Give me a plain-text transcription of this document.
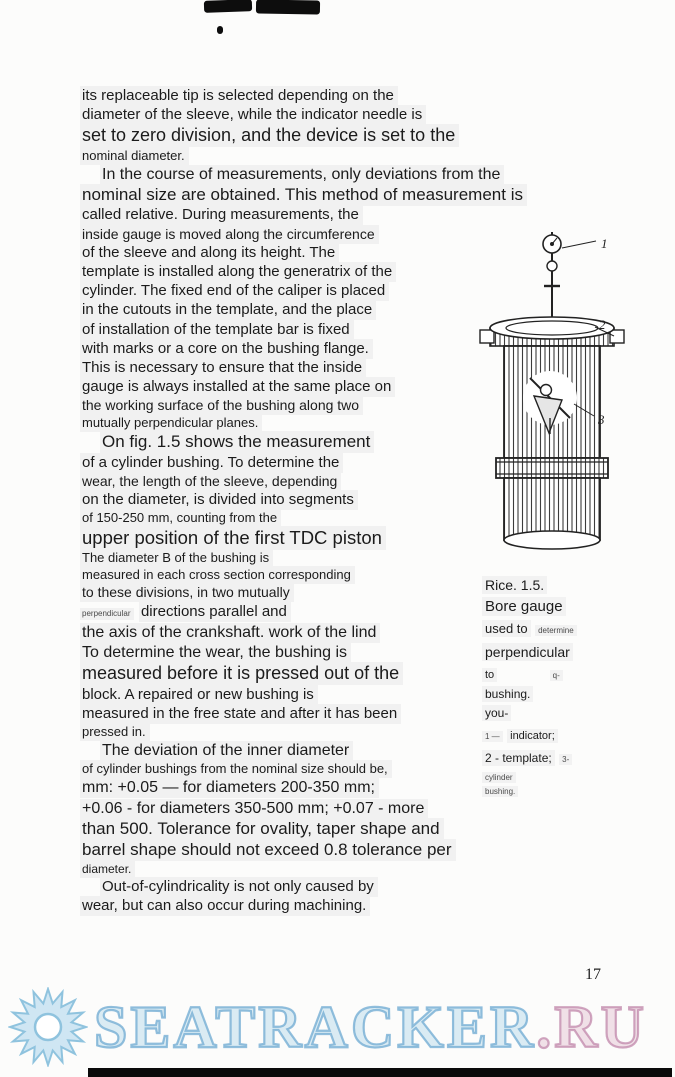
its replaceable tip is selected depending on the
diameter of the sleeve, while the indicator needle is
set to zero division, and the device is set to the
nominal diameter.
In the course of measurements, only deviations from the
nominal size are obtained. This method of measurement is
called relative. During measurements, the
inside gauge is moved along the circumference
of the sleeve and along its height. The
template is installed along the generatrix of the
cylinder. The fixed end of the caliper is placed
in the cutouts in the template, and the place
of installation of the template bar is fixed
with marks or a core on the bushing flange.
This is necessary to ensure that the inside
gauge is always installed at the same place on
the working surface of the bushing along two
mutually perpendicular planes.
On fig. 1.5 shows the measurement
of a cylinder bushing. To determine the
wear, the length of the sleeve, depending
on the diameter, is divided into segments
of 150-250 mm, counting from the
upper position of the first TDC piston
The diameter B of the bushing is
measured in each cross section corresponding
to these divisions, in two mutually
perpendicular directions parallel and
the axis of the crankshaft. work of the lind
To determine the wear, the bushing is
measured before it is pressed out of the
block. A repaired or new bushing is
measured in the free state and after it has been
pressed in.
The deviation of the inner diameter
of cylinder bushings from the nominal size should be,
mm: +0.05 — for diameters 200-350 mm;
+0.06 - for diameters 350-500 mm; +0.07 - more
than 500. Tolerance for ovality, taper shape and
barrel shape should not exceed 0.8 tolerance per
diameter.
Out-of-cylindricality is not only caused by
wear, but can also occur during machining.
1
2
3
Rice. 1.5.
Bore gauge
used to determine
perpendicular
to	q-
bushing.
you-
1 — indicator;
2 - template; 3-
cylinder
bushing.
17
SEATRACKER.RU
